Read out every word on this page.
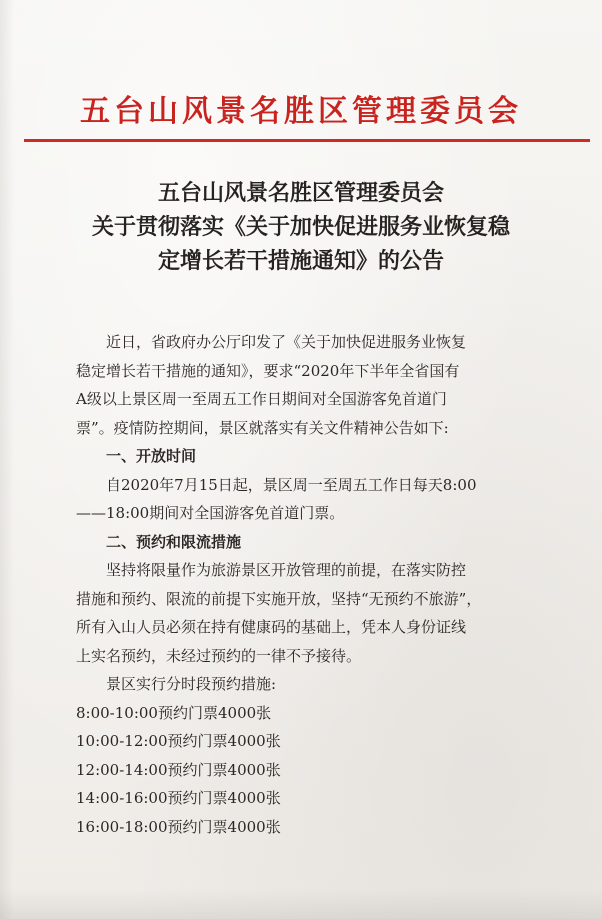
五台山风景名胜区管理委员会
五台山风景名胜区管理委员会
关于贯彻落实《关于加快促进服务业恢复稳
定增长若干措施通知》的公告
近日，省政府办公厅印发了《关于加快促进服务业恢复
稳定增长若干措施的通知》，要求“2020年下半年全省国有
A级以上景区周一至周五工作日期间对全国游客免首道门
票”。疫情防控期间，景区就落实有关文件精神公告如下:
一、开放时间
自2020年7月15日起，景区周一至周五工作日每天8:00
——18:00期间对全国游客免首道门票。
二、预约和限流措施
坚持将限量作为旅游景区开放管理的前提，在落实防控
措施和预约、限流的前提下实施开放，坚持“无预约不旅游”，
所有入山人员必须在持有健康码的基础上，凭本人身份证线
上实名预约，未经过预约的一律不予接待。
景区实行分时段预约措施:
8:00-10:00预约门票4000张
10:00-12:00预约门票4000张
12:00-14:00预约门票4000张
14:00-16:00预约门票4000张
16:00-18:00预约门票4000张
